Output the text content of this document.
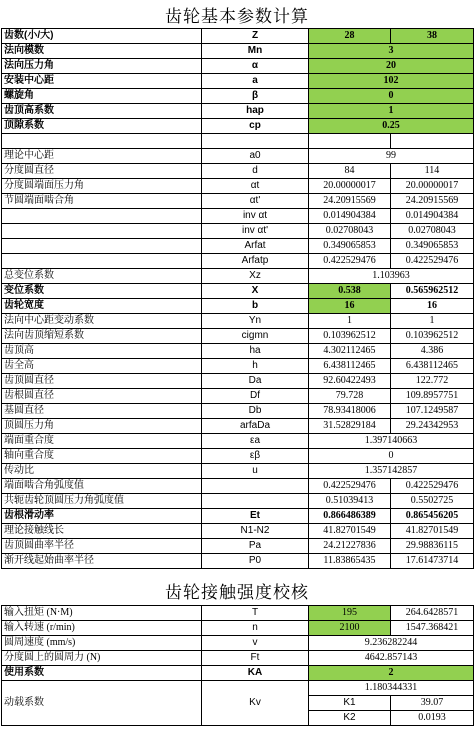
齿轮基本参数计算
齿数(小/大)	Z	28	38
法向模数	Mn	3	
法向压力角	α	20	
安装中心距	a	102	
螺旋角	β	0	
齿顶高系数	hap	1	
顶隙系数	cp	0.25	

理论中心距	a0	99	
分度圆直径	d	84	114
分度圆端面压力角	αt	20.00000017	20.00000017
节圆端面啮合角	αt'	24.20915569	24.20915569
	inv αt	0.014904384	0.014904384
	inv αt'	0.02708043	0.02708043
	Arfat	0.349065853	0.349065853
	Arfatp	0.422529476	0.422529476
总变位系数	Xz	1.103963	
变位系数	X	0.538	0.565962512
齿轮宽度	b	16	16
法向中心距变动系数	Yn	1	1
法向齿顶缩短系数	cigmn	0.103962512	0.103962512
齿顶高	ha	4.302112465	4.386
齿全高	h	6.438112465	6.438112465
齿顶圆直径	Da	92.60422493	122.772
齿根圆直径	Df	79.728	109.8957751
基圆直径	Db	78.93418006	107.1249587
顶圆压力角	arfaDa	31.52829184	29.24342953
端面重合度	εa	1.397140663	
轴向重合度	εβ	0	
传动比	u	1.357142857	
端面啮合角弧度值		0.422529476	0.422529476
共轭齿轮顶圆压力角弧度值		0.51039413	0.5502725
齿根滑动率	Et	0.866486389	0.865456205
理论接触线长	N1-N2	41.82701549	41.82701549
齿顶圆曲率半径	Pa	24.21227836	29.98836115
渐开线起始曲率半径	P0	11.83865435	17.61473714
齿轮接触强度校核
输入扭矩 (N·M)	T	195	264.6428571
输入转速 (r/min)	n	2100	1547.368421
圆周速度 (mm/s)	v	9.236282244	
分度圆上的圆周力 (N)	Ft	4642.857143	
使用系数	KA	2	
动载系数	Kv	1.180344331	
		K1	39.07
		K2	0.0193
